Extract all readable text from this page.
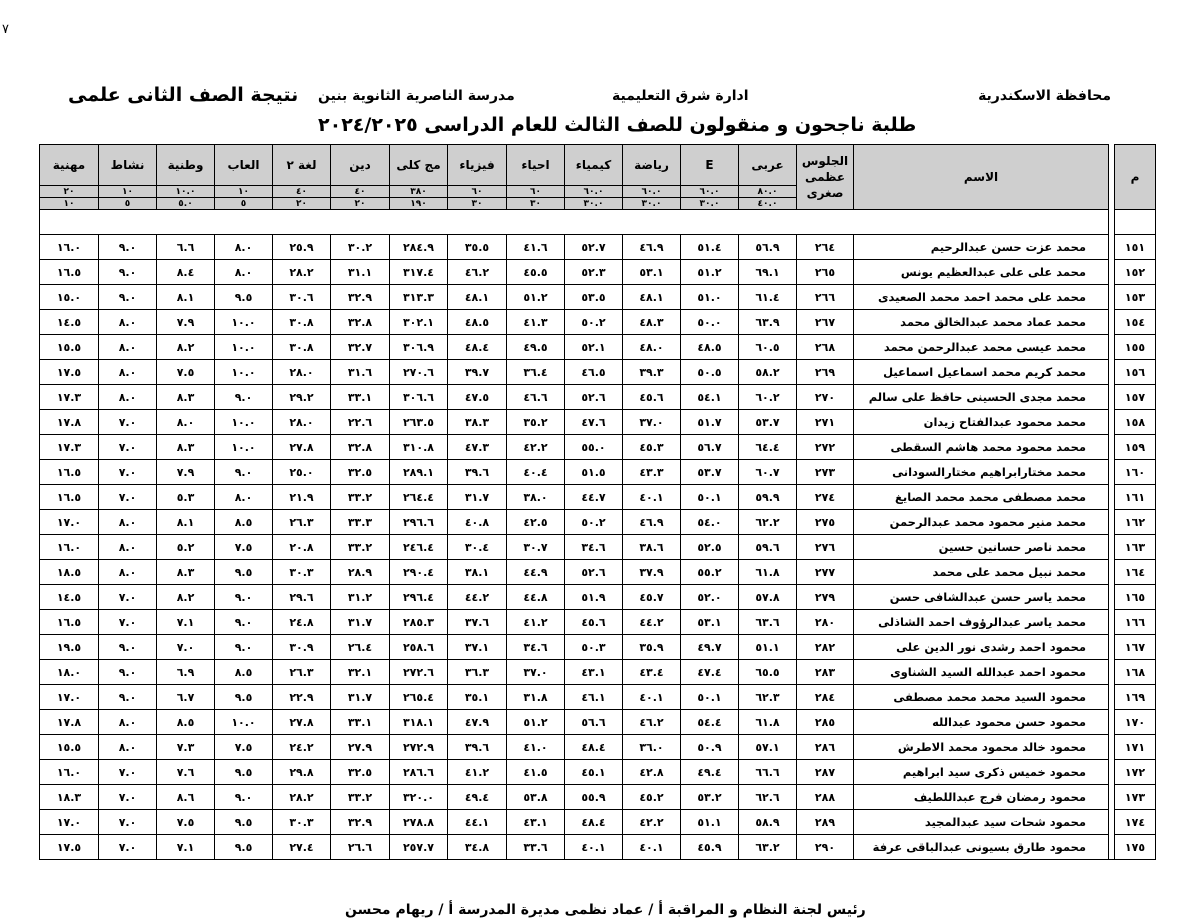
٧
محافظة الاسكندرية
ادارة شرق التعليمية
مدرسة الناصرية الثانوية بنين
نتيجة الصف الثانى علمى
طلبة ناجحون و منقولون للصف الثالث للعام الدراسى ٢٠٢٤/٢٠٢٥
مهنية	نشاط	وطنية	العاب	لغة ٢	دين	مج كلى	فيزياء	احياء	كيمياء	رياضة	E	عربى	الجلوس
عظمى
صغرى	الاسم		م
٢٠	١٠	١٠.٠	١٠	٤٠	٤٠	٣٨٠	٦٠	٦٠	٦٠.٠	٦٠.٠	٦٠.٠	٨٠.٠				
١٠	٥	٥.٠	٥	٢٠	٢٠	١٩٠	٣٠	٣٠	٣٠.٠	٣٠.٠	٣٠.٠	٤٠.٠				

١٦.٠	٩.٠	٦.٦	٨.٠	٢٥.٩	٣٠.٢	٢٨٤.٩	٣٥.٥	٤١.٦	٥٢.٧	٤٦.٩	٥١.٤	٥٦.٩	٢٦٤	محمد عزت حسن عبدالرحيم		١٥١
١٦.٥	٩.٠	٨.٤	٨.٠	٢٨.٢	٣١.١	٣١٧.٤	٤٦.٢	٤٥.٥	٥٢.٣	٥٣.١	٥١.٢	٦٩.١	٢٦٥	محمد على على عبدالعظيم يونس		١٥٢
١٥.٠	٩.٠	٨.١	٩.٥	٣٠.٦	٣٢.٩	٣١٣.٣	٤٨.١	٥١.٢	٥٣.٥	٤٨.١	٥١.٠	٦١.٤	٢٦٦	محمد على محمد احمد محمد الصعيدى		١٥٣
١٤.٥	٨.٠	٧.٩	١٠.٠	٣٠.٨	٣٢.٨	٣٠٢.١	٤٨.٥	٤١.٣	٥٠.٢	٤٨.٣	٥٠.٠	٦٣.٩	٢٦٧	محمد عماد محمد عبدالخالق محمد		١٥٤
١٥.٥	٨.٠	٨.٢	١٠.٠	٣٠.٨	٣٢.٧	٣٠٦.٩	٤٨.٤	٤٩.٥	٥٢.١	٤٨.٠	٤٨.٥	٦٠.٥	٢٦٨	محمد عيسى محمد عبدالرحمن محمد		١٥٥
١٧.٥	٨.٠	٧.٥	١٠.٠	٢٨.٠	٣١.٦	٢٧٠.٦	٣٩.٧	٣٦.٤	٤٦.٥	٣٩.٣	٥٠.٥	٥٨.٢	٢٦٩	محمد كريم محمد اسماعيل اسماعيل		١٥٦
١٧.٣	٨.٠	٨.٣	٩.٠	٢٩.٢	٣٣.١	٣٠٦.٦	٤٧.٥	٤٦.٦	٥٢.٦	٤٥.٦	٥٤.١	٦٠.٢	٢٧٠	محمد مجدى الحسينى حافظ على سالم		١٥٧
١٧.٨	٧.٠	٨.٠	١٠.٠	٢٨.٠	٢٢.٦	٢٦٣.٥	٣٨.٣	٣٥.٢	٤٧.٦	٣٧.٠	٥١.٧	٥٣.٧	٢٧١	محمد محمود عبدالفتاح زيدان		١٥٨
١٧.٣	٧.٠	٨.٣	١٠.٠	٢٧.٨	٣٢.٨	٣١٠.٨	٤٧.٣	٤٢.٢	٥٥.٠	٤٥.٣	٥٦.٧	٦٤.٤	٢٧٢	محمد محمود محمد هاشم السقطى		١٥٩
١٦.٥	٧.٠	٧.٩	٩.٠	٢٥.٠	٣٢.٥	٢٨٩.١	٣٩.٦	٤٠.٤	٥١.٥	٤٣.٣	٥٣.٧	٦٠.٧	٢٧٣	محمد مختارابراهيم مختارالسودانى		١٦٠
١٦.٥	٧.٠	٥.٣	٨.٠	٢١.٩	٣٣.٢	٢٦٤.٤	٣١.٧	٣٨.٠	٤٤.٧	٤٠.١	٥٠.١	٥٩.٩	٢٧٤	محمد مصطفى محمد محمد الصايغ		١٦١
١٧.٠	٨.٠	٨.١	٨.٥	٢٦.٣	٣٣.٣	٢٩٦.٦	٤٠.٨	٤٢.٥	٥٠.٢	٤٦.٩	٥٤.٠	٦٢.٢	٢٧٥	محمد منير محمود محمد عبدالرحمن		١٦٢
١٦.٠	٨.٠	٥.٢	٧.٥	٢٠.٨	٣٣.٢	٢٤٦.٤	٣٠.٤	٣٠.٧	٣٤.٦	٣٨.٦	٥٢.٥	٥٩.٦	٢٧٦	محمد ناصر حسانين حسين		١٦٣
١٨.٥	٨.٠	٨.٣	٩.٥	٣٠.٣	٢٨.٩	٢٩٠.٤	٣٨.١	٤٤.٩	٥٢.٦	٣٧.٩	٥٥.٢	٦١.٨	٢٧٧	محمد نبيل محمد على محمد		١٦٤
١٤.٥	٧.٠	٨.٢	٩.٠	٢٩.٦	٣١.٢	٢٩٦.٤	٤٤.٢	٤٤.٨	٥١.٩	٤٥.٧	٥٢.٠	٥٧.٨	٢٧٩	محمد ياسر حسن عبدالشافى حسن		١٦٥
١٦.٥	٧.٠	٧.١	٩.٠	٢٤.٨	٣١.٧	٢٨٥.٣	٣٧.٦	٤١.٢	٤٥.٦	٤٤.٢	٥٣.١	٦٣.٦	٢٨٠	محمد ياسر عبدالرؤوف احمد الشاذلى		١٦٦
١٩.٥	٩.٠	٧.٠	٩.٠	٣٠.٩	٢٦.٤	٢٥٨.٦	٣٧.١	٣٤.٦	٥٠.٣	٣٥.٩	٤٩.٧	٥١.١	٢٨٢	محمود احمد رشدى نور الدين على		١٦٧
١٨.٠	٩.٠	٦.٩	٨.٥	٢٦.٣	٣٢.١	٢٧٢.٦	٣٦.٣	٣٧.٠	٤٣.١	٤٣.٤	٤٧.٤	٦٥.٥	٢٨٣	محمود احمد عبدالله السيد الشناوى		١٦٨
١٧.٠	٩.٠	٦.٧	٩.٥	٢٢.٩	٣١.٧	٢٦٥.٤	٣٥.١	٣١.٨	٤٦.١	٤٠.١	٥٠.١	٦٢.٣	٢٨٤	محمود السيد محمد محمد مصطفى		١٦٩
١٧.٨	٨.٠	٨.٥	١٠.٠	٢٧.٨	٣٣.١	٣١٨.١	٤٧.٩	٥١.٢	٥٦.٦	٤٦.٢	٥٤.٤	٦١.٨	٢٨٥	محمود حسن محمود عبدالله		١٧٠
١٥.٥	٨.٠	٧.٣	٧.٥	٢٤.٢	٢٧.٩	٢٧٢.٩	٣٩.٦	٤١.٠	٤٨.٤	٣٦.٠	٥٠.٩	٥٧.١	٢٨٦	محمود خالد محمود محمد الاطرش		١٧١
١٦.٠	٧.٠	٧.٦	٩.٥	٢٩.٨	٣٢.٥	٢٨٦.٦	٤١.٢	٤١.٥	٤٥.١	٤٢.٨	٤٩.٤	٦٦.٦	٢٨٧	محمود خميس ذكرى سيد ابراهيم		١٧٢
١٨.٣	٧.٠	٨.٦	٩.٠	٢٨.٢	٣٣.٢	٣٢٠.٠	٤٩.٤	٥٣.٨	٥٥.٩	٤٥.٢	٥٣.٢	٦٢.٦	٢٨٨	محمود رمضان فرج عبداللطيف		١٧٣
١٧.٠	٧.٠	٧.٥	٩.٥	٣٠.٣	٣٢.٩	٢٧٨.٨	٤٤.١	٤٣.١	٤٨.٤	٤٢.٢	٥١.١	٥٨.٩	٢٨٩	محمود شحات سيد عبدالمجيد		١٧٤
١٧.٥	٧.٠	٧.١	٩.٥	٢٧.٤	٢٦.٦	٢٥٧.٧	٣٤.٨	٣٣.٦	٤٠.١	٤٠.١	٤٥.٩	٦٣.٢	٢٩٠	محمود طارق بسيونى عبدالباقى عرفة		١٧٥
رئيس لجنة النظام و المراقبة أ / عماد نظمى مديرة المدرسة أ / ريهام محسن
